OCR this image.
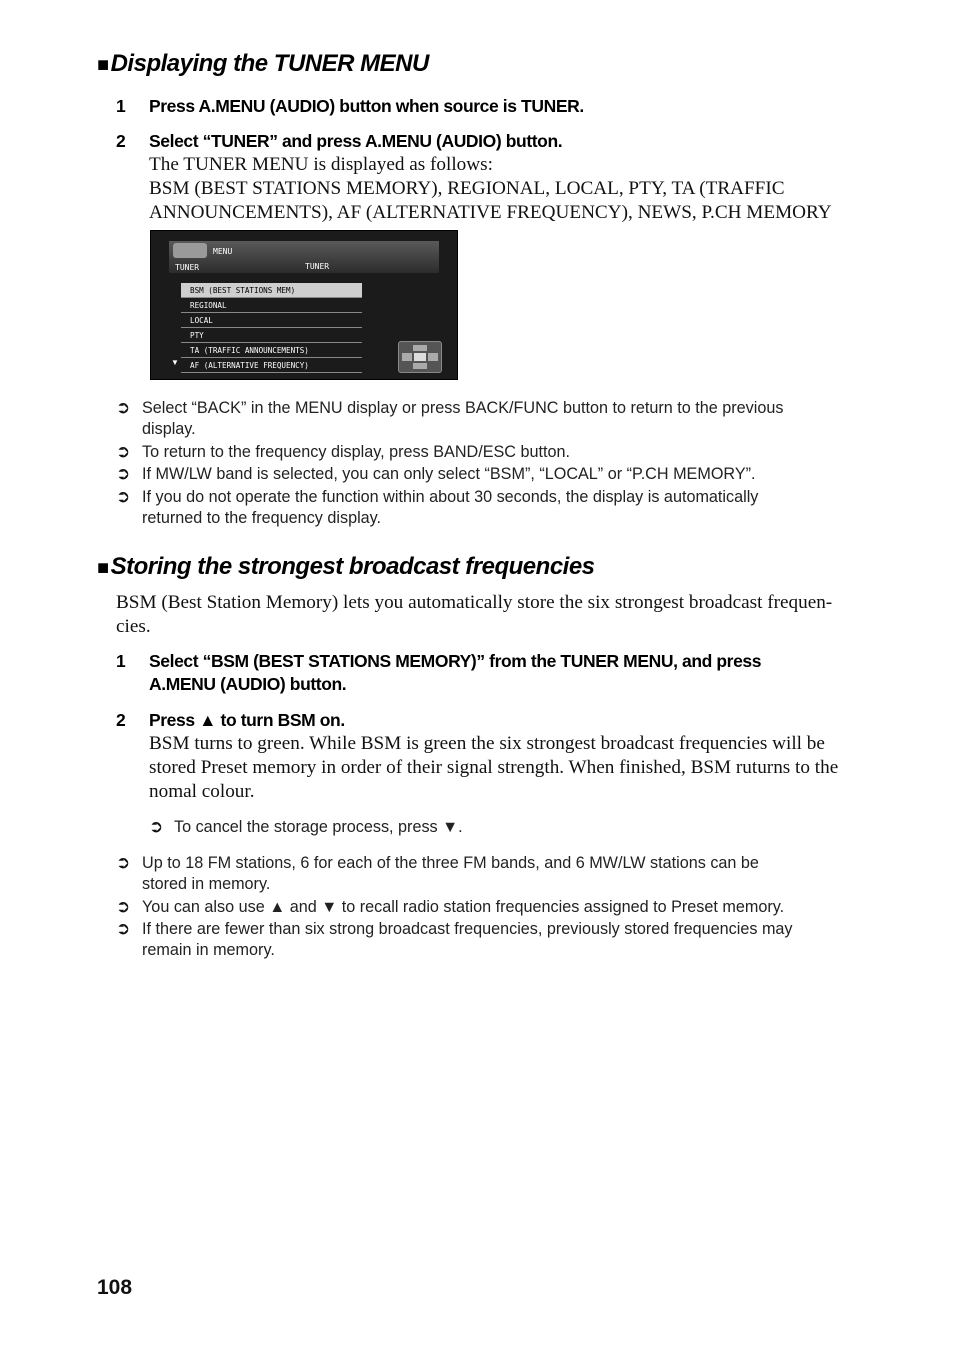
■Displaying the TUNER MENU
1 Press A.MENU (AUDIO) button when source is TUNER.
2 Select “TUNER” and press A.MENU (AUDIO) button.
The TUNER MENU is displayed as follows:
BSM (BEST STATIONS MEMORY), REGIONAL, LOCAL, PTY, TA (TRAFFIC
ANNOUNCEMENTS), AF (ALTERNATIVE FREQUENCY), NEWS, P.CH MEMORY
MENU
TUNER	TUNER
BSM (BEST STATIONS MEM)
REGIONAL
LOCAL
PTY
TA (TRAFFIC ANNOUNCEMENTS)
AF (ALTERNATIVE FREQUENCY)
▼
➲ Select “BACK” in the MENU display or press BACK/FUNC button to return to the previous
display.
➲ To return to the frequency display, press BAND/ESC button.
➲ If MW/LW band is selected, you can only select “BSM”, “LOCAL” or “P.CH MEMORY”.
➲ If you do not operate the function within about 30 seconds, the display is automatically
returned to the frequency display.
■Storing the strongest broadcast frequencies
BSM (Best Station Memory) lets you automatically store the six strongest broadcast frequen-
cies.
1 Select “BSM (BEST STATIONS MEMORY)” from the TUNER MENU, and press
A.MENU (AUDIO) button.
2 Press ▲ to turn BSM on.
BSM turns to green. While BSM is green the six strongest broadcast frequencies will be
stored Preset memory in order of their signal strength. When finished, BSM ruturns to the
nomal colour.
➲ To cancel the storage process, press ▼.
➲ Up to 18 FM stations, 6 for each of the three FM bands, and 6 MW/LW stations can be
stored in memory.
➲ You can also use ▲ and ▼ to recall radio station frequencies assigned to Preset memory.
➲ If there are fewer than six strong broadcast frequencies, previously stored frequencies may
remain in memory.
108
